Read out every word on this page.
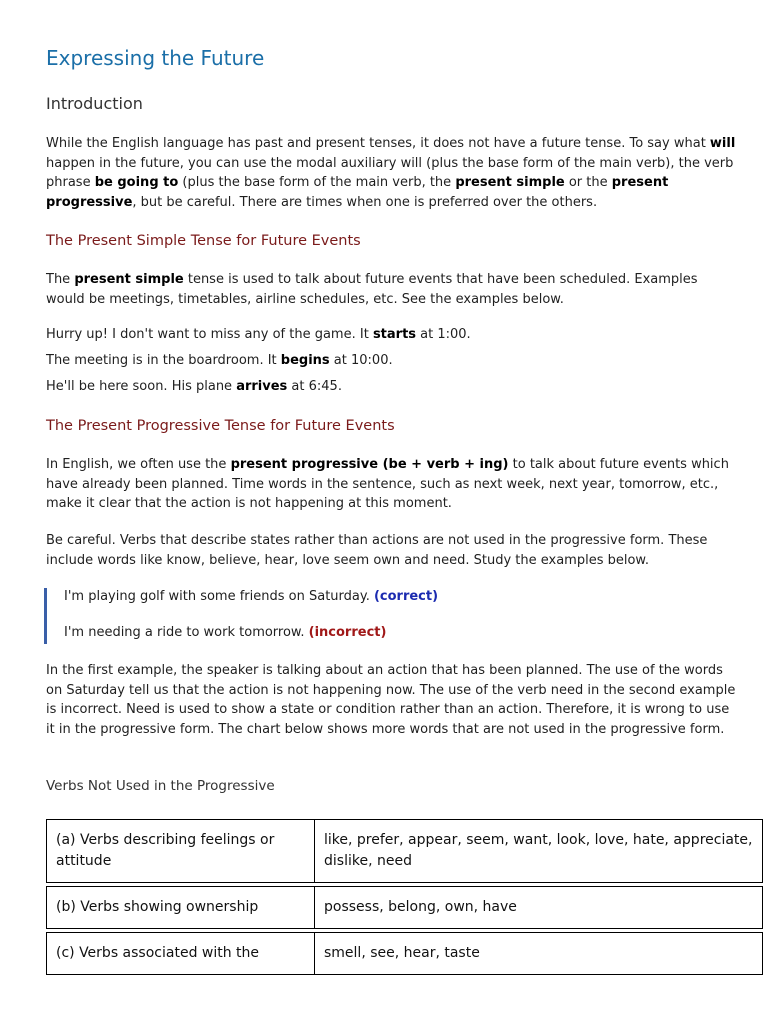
Expressing the Future
Introduction
While the English language has past and present tenses, it does not have a future tense. To say what will happen in the future, you can use the modal auxiliary will (plus the base form of the main verb), the verb phrase be going to (plus the base form of the main verb, the present simple or the present progressive, but be careful. There are times when one is preferred over the others.
The Present Simple Tense for Future Events
The present simple tense is used to talk about future events that have been scheduled. Examples would be meetings, timetables, airline schedules, etc. See the examples below.
Hurry up! I don't want to miss any of the game. It starts at 1:00.
The meeting is in the boardroom. It begins at 10:00.
He'll be here soon. His plane arrives at 6:45.
The Present Progressive Tense for Future Events
In English, we often use the present progressive (be + verb + ing) to talk about future events which have already been planned. Time words in the sentence, such as next week, next year, tomorrow, etc., make it clear that the action is not happening at this moment.
Be careful. Verbs that describe states rather than actions are not used in the progressive form. These include words like know, believe, hear, love seem own and need. Study the examples below.
I'm playing golf with some friends on Saturday. (correct)
I'm needing a ride to work tomorrow. (incorrect)
In the first example, the speaker is talking about an action that has been planned. The use of the words on Saturday tell us that the action is not happening now. The use of the verb need in the second example is incorrect. Need is used to show a state or condition rather than an action. Therefore, it is wrong to use it in the progressive form. The chart below shows more words that are not used in the progressive form.
Verbs Not Used in the Progressive
(a) Verbs describing feelings or attitude	like, prefer, appear, seem, want, look, love, hate, appreciate, dislike, need
(b) Verbs showing ownership	possess, belong, own, have
(c) Verbs associated with the	smell, see, hear, taste
